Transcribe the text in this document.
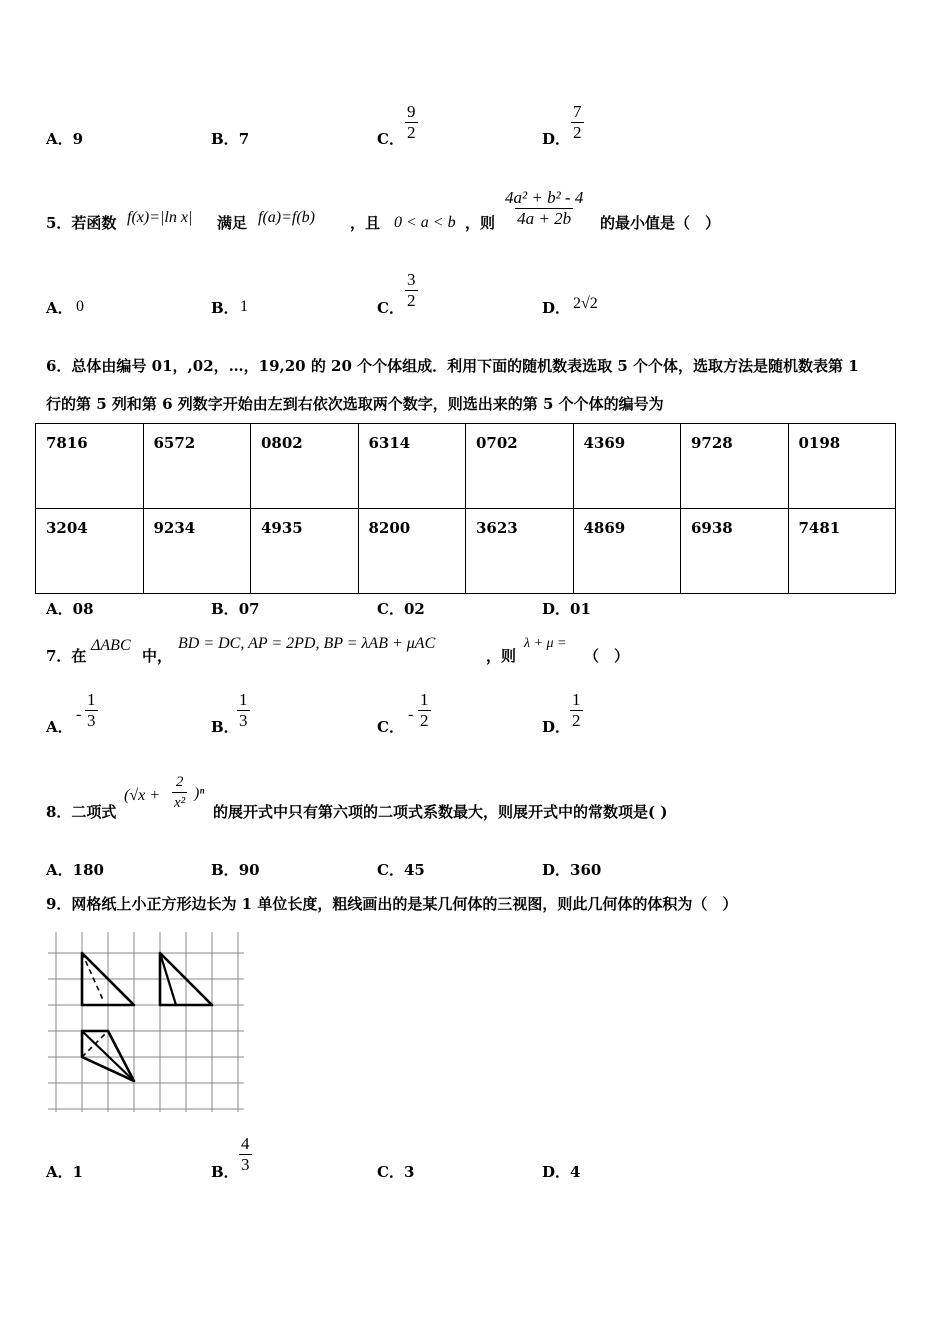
A．9	B．7	C． $\frac{9}{2}$	D． $\frac{7}{2}$
5．若函数 f(x)=|ln x| 满足 f(a)=f(b) ，且 0 < a < b ，则 $\frac{\text{4a² + b² - 4}}{4a + 2b}$ 的最小值是（　）
A． 0	B． 1	C． $\frac{3}{2}$	D． 2√2
6．总体由编号 01，,02，…，19,20 的 20 个个体组成．利用下面的随机数表选取 5 个个体，选取方法是随机数表第 1
行的第 5 列和第 6 列数字开始由左到右依次选取两个数字，则选出来的第 5 个个体的编号为
7816	6572	0802	6314	0702	4369	9728	0198
3204	9234	4935	8200	3623	4869	6938	7481
A．08	B．07	C．02	D．01
7．在
ΔABC
中，
BD = DC, AP = 2PD, BP = λAB + μAC
，则
λ + μ =
（　）
A．
- $\frac{1}{3}$	B．
$\frac{1}{3}$	C．
- $\frac{1}{2}$	D． $\frac{1}{2}$
8．二项式
$(√x + \frac{2}{\text{x²}} )^n$
的展开式中只有第六项的二项式系数最大，则展开式中的常数项是( )
A．180	B．90	C．45	D．360
9．网格纸上小正方形边长为 1 单位长度，粗线画出的是某几何体的三视图，则此几何体的体积为（　）
A．1	B． $\frac{4}{3}$	C．3	D．4
